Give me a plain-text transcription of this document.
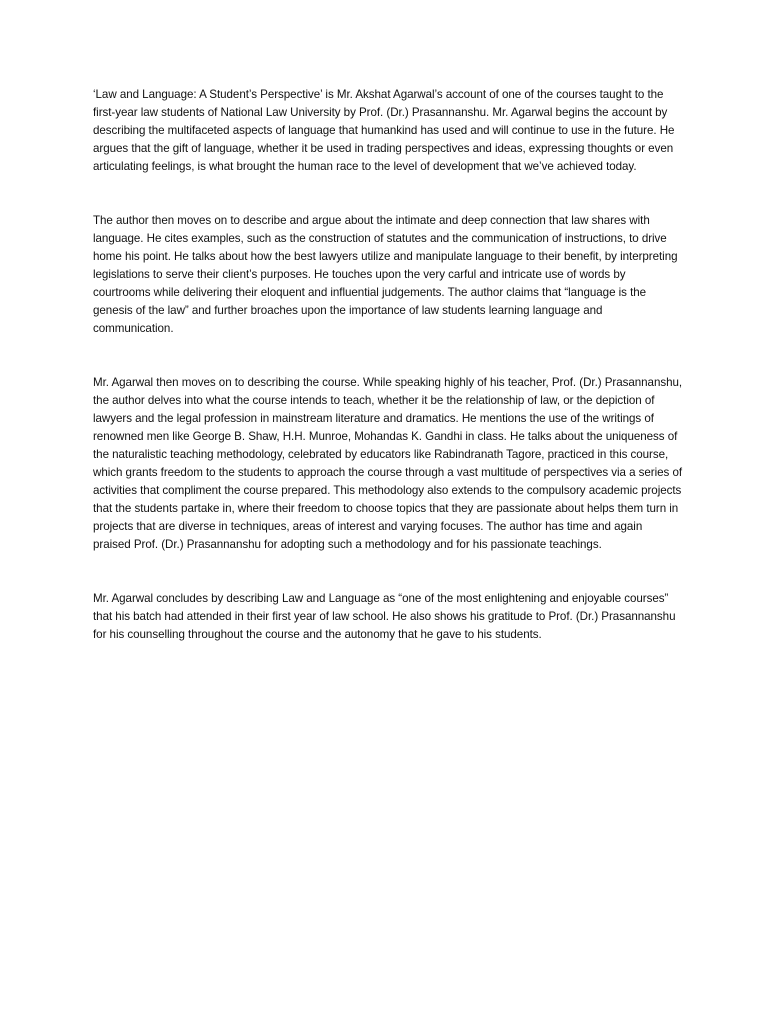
‘Law and Language: A Student’s Perspective’ is Mr. Akshat Agarwal’s account of one of the courses taught to the first-year law students of National Law University by Prof. (Dr.) Prasannanshu. Mr. Agarwal begins the account by describing the multifaceted aspects of language that humankind has used and will continue to use in the future. He argues that the gift of language, whether it be used in trading perspectives and ideas, expressing thoughts or even articulating feelings, is what brought the human race to the level of development that we’ve achieved today.

The author then moves on to describe and argue about the intimate and deep connection that law shares with language. He cites examples, such as the construction of statutes and the communication of instructions, to drive home his point. He talks about how the best lawyers utilize and manipulate language to their benefit, by interpreting legislations to serve their client’s purposes. He touches upon the very carful and intricate use of words by courtrooms while delivering their eloquent and influential judgements. The author claims that “language is the genesis of the law” and further broaches upon the importance of law students learning language and communication.

Mr. Agarwal then moves on to describing the course. While speaking highly of his teacher, Prof. (Dr.) Prasannanshu, the author delves into what the course intends to teach, whether it be the relationship of law, or the depiction of lawyers and the legal profession in mainstream literature and dramatics. He mentions the use of the writings of renowned men like George B. Shaw, H.H. Munroe, Mohandas K. Gandhi in class. He talks about the uniqueness of the naturalistic teaching methodology, celebrated by educators like Rabindranath Tagore, practiced in this course, which grants freedom to the students to approach the course through a vast multitude of perspectives via a series of activities that compliment the course prepared. This methodology also extends to the compulsory academic projects that the students partake in, where their freedom to choose topics that they are passionate about helps them turn in projects that are diverse in techniques, areas of interest and varying focuses. The author has time and again praised Prof. (Dr.) Prasannanshu for adopting such a methodology and for his passionate teachings.

Mr. Agarwal concludes by describing Law and Language as “one of the most enlightening and enjoyable courses” that his batch had attended in their first year of law school. He also shows his gratitude to Prof. (Dr.) Prasannanshu for his counselling throughout the course and the autonomy that he gave to his students.
